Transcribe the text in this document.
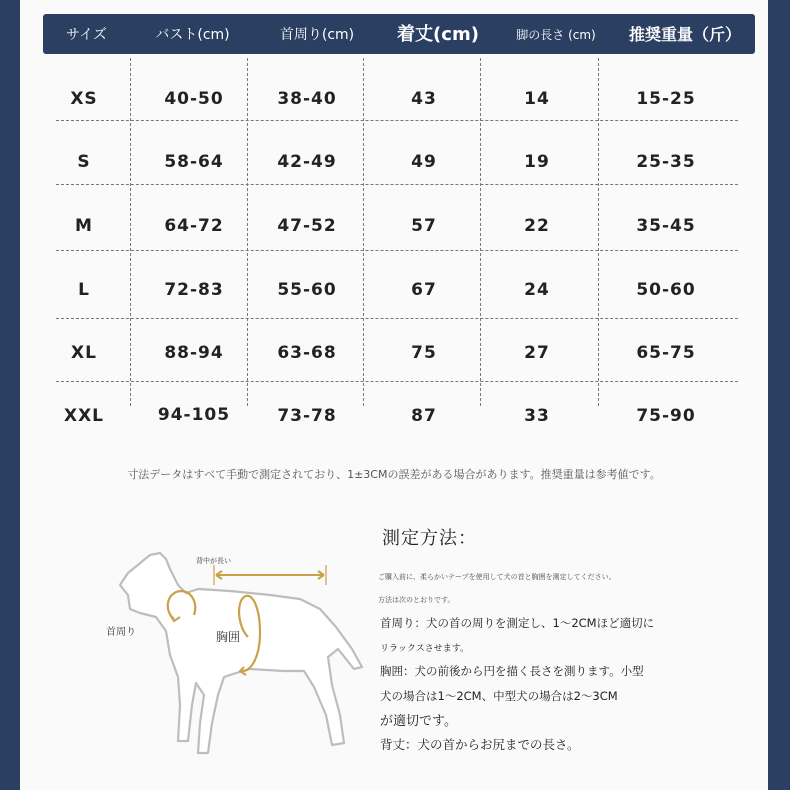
サイズ	バスト(cm)	首周り(cm)	着丈(cm)	脚の長さ (cm)	推奨重量（斤）
XS	40-50	38-40	43	14	15-25
S	58-64	42-49	49	19	25-35
M	64-72	47-52	57	22	35-45
L	72-83	55-60	67	24	50-60
XL	88-94	63-68	75	27	65-75
XXL	94-105	73-78	87	33	75-90
寸法データはすべて手動で測定されており、1±3CMの誤差がある場合があります。推奨重量は参考値です。
背中が長い
首周り	胸囲
測定方法：
ご購入前に、柔らかいテープを使用して犬の首と胸囲を測定してください。
方法は次のとおりです。
首周り：犬の首の周りを測定し、1〜2CMほど適切に
リラックスさせます。
胸囲：犬の前後から円を描く長さを測ります。小型
犬の場合は1〜2CM、中型犬の場合は2〜3CM
が適切です。
背丈：犬の首からお尻までの長さ。
